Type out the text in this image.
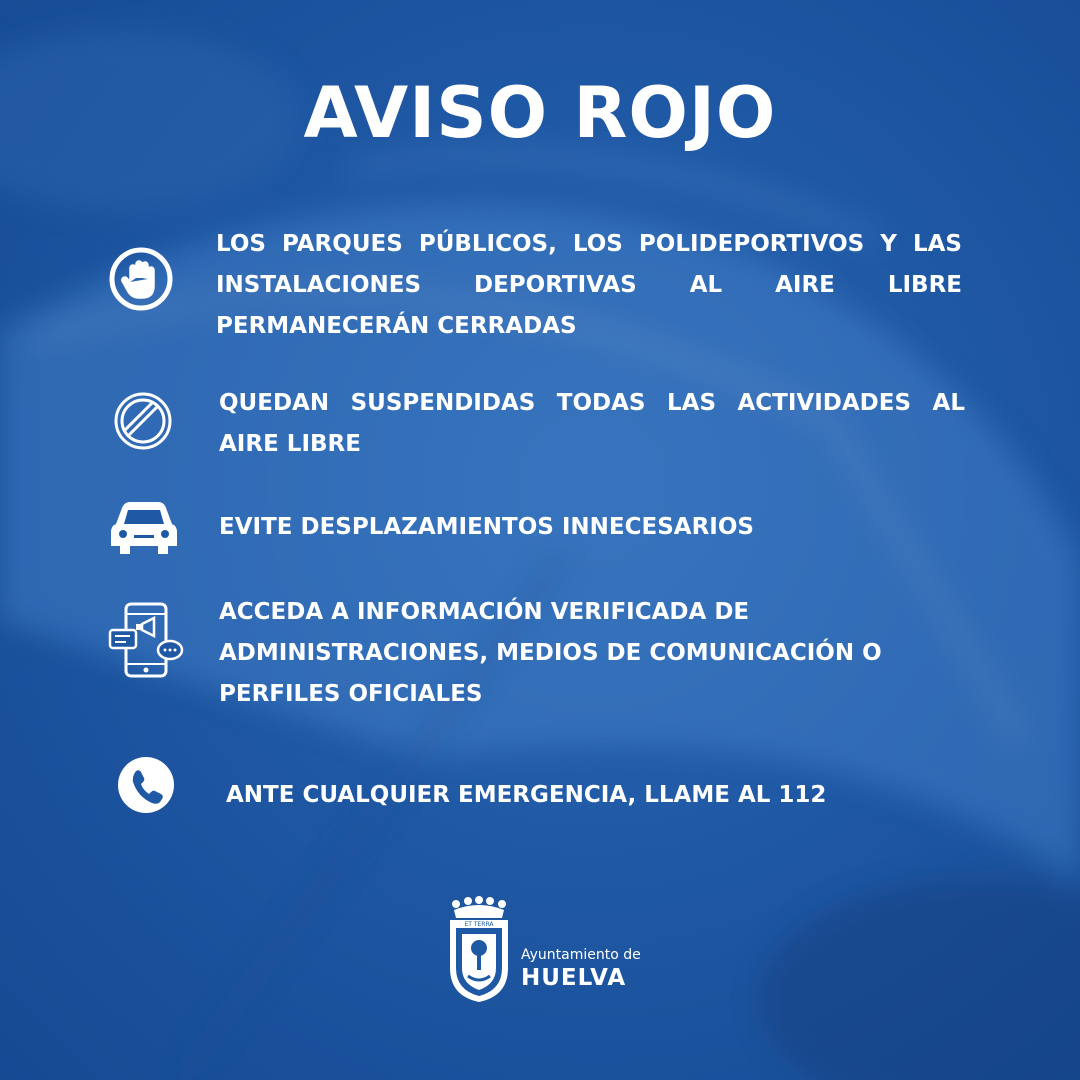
AVISO ROJO

LOS PARQUES PÚBLICOS, LOS POLIDEPORTIVOS Y LAS INSTALACIONES DEPORTIVAS AL AIRE LIBRE PERMANECERÁN CERRADAS

QUEDAN SUSPENDIDAS TODAS LAS ACTIVIDADES AL AIRE LIBRE

EVITE DESPLAZAMIENTOS INNECESARIOS

ACCEDA A INFORMACIÓN VERIFICADA DE ADMINISTRACIONES, MEDIOS DE COMUNICACIÓN O PERFILES OFICIALES

ANTE CUALQUIER EMERGENCIA, LLAME AL 112

ET TERRA
Ayuntamiento de
HUELVA
